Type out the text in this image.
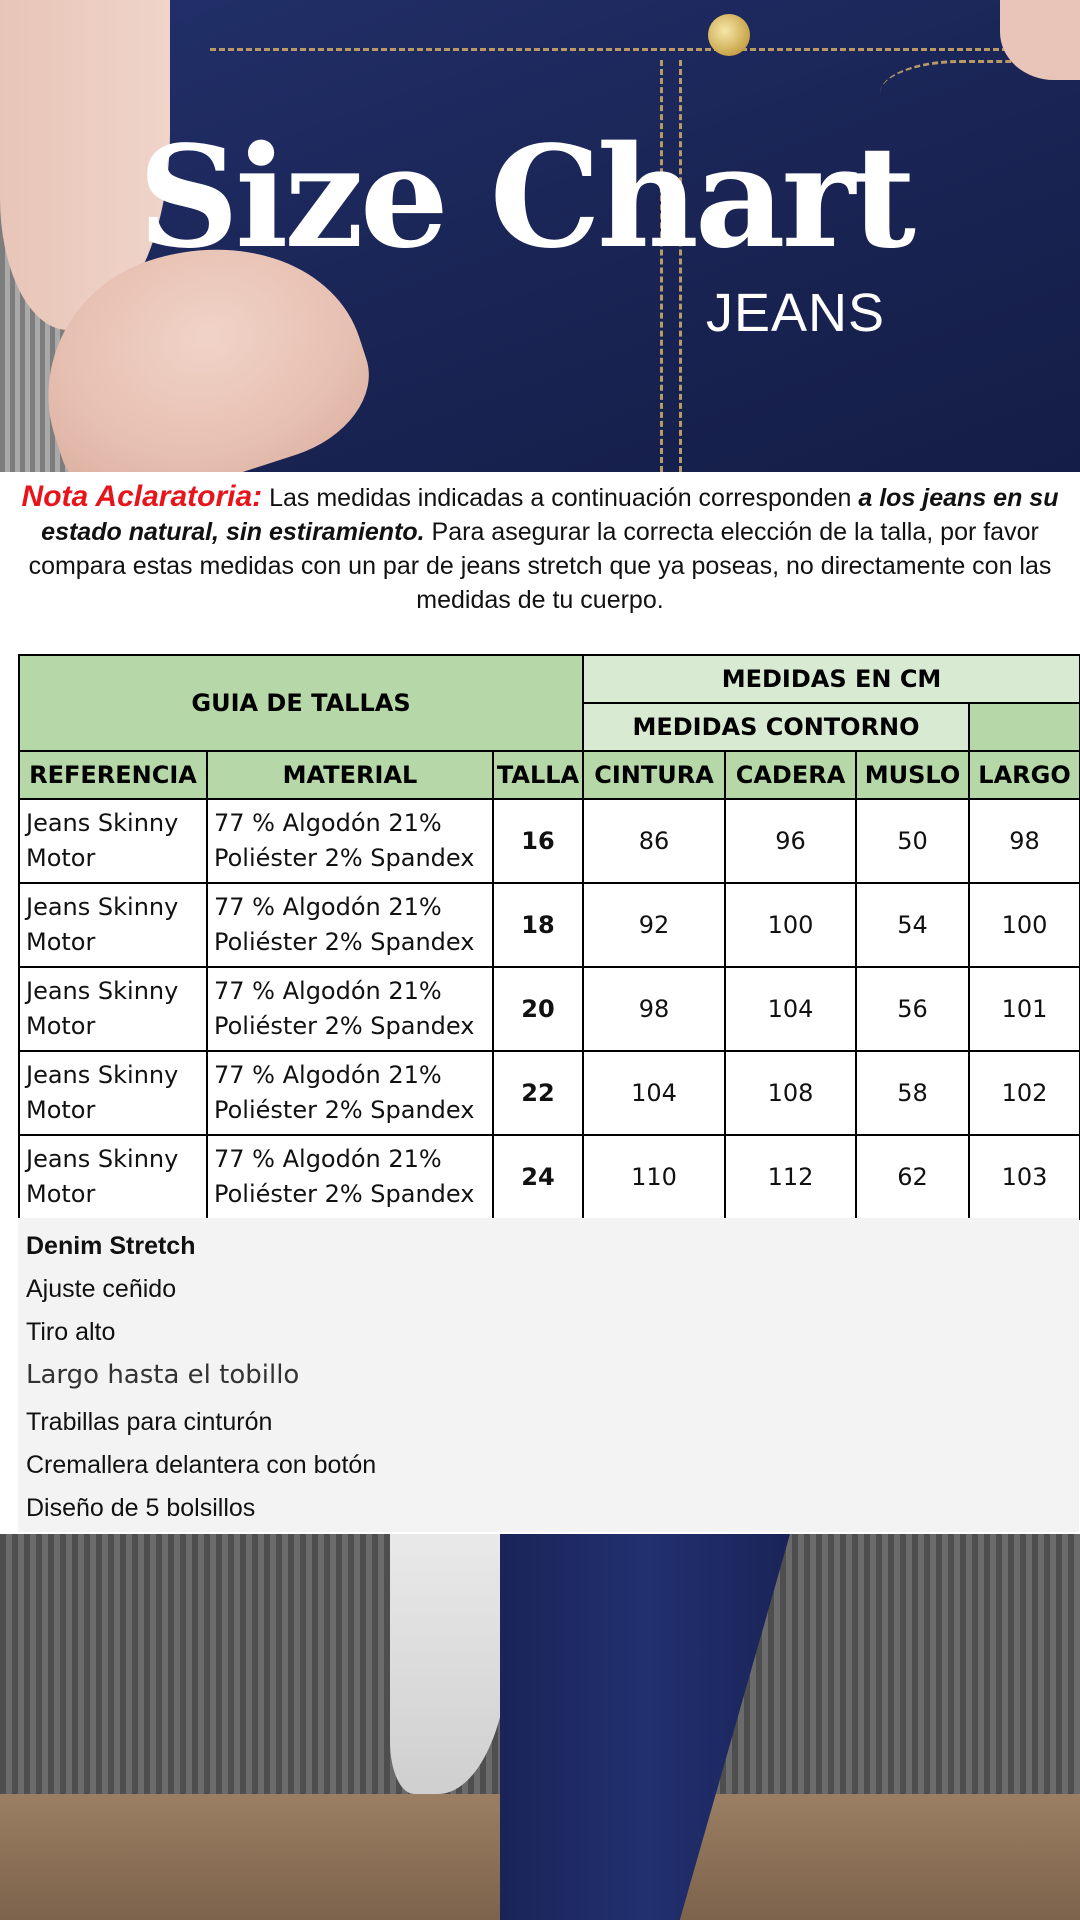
Size Chart
JEANS

Nota Aclaratoria: Las medidas indicadas a continuación corresponden a los jeans en su estado natural, sin estiramiento. Para asegurar la correcta elección de la talla, por favor compara estas medidas con un par de jeans stretch que ya poseas, no directamente con las medidas de tu cuerpo.

GUIA DE TALLAS			MEDIDAS EN CM			
			MEDIDAS CONTORNO			
REFERENCIA	MATERIAL	TALLA	CINTURA	CADERA	MUSLO	LARGO
Jeans Skinny Motor	77 % Algodón 21% Poliéster 2% Spandex	16	86	96	50	98
Jeans Skinny Motor	77 % Algodón 21% Poliéster 2% Spandex	18	92	100	54	100
Jeans Skinny Motor	77 % Algodón 21% Poliéster 2% Spandex	20	98	104	56	101
Jeans Skinny Motor	77 % Algodón 21% Poliéster 2% Spandex	22	104	108	58	102
Jeans Skinny Motor	77 % Algodón 21% Poliéster 2% Spandex	24	110	112	62	103
Denim Stretch
Ajuste ceñido
Tiro alto
Largo hasta el tobillo
Trabillas para cinturón
Cremallera delantera con botón
Diseño de 5 bolsillos
